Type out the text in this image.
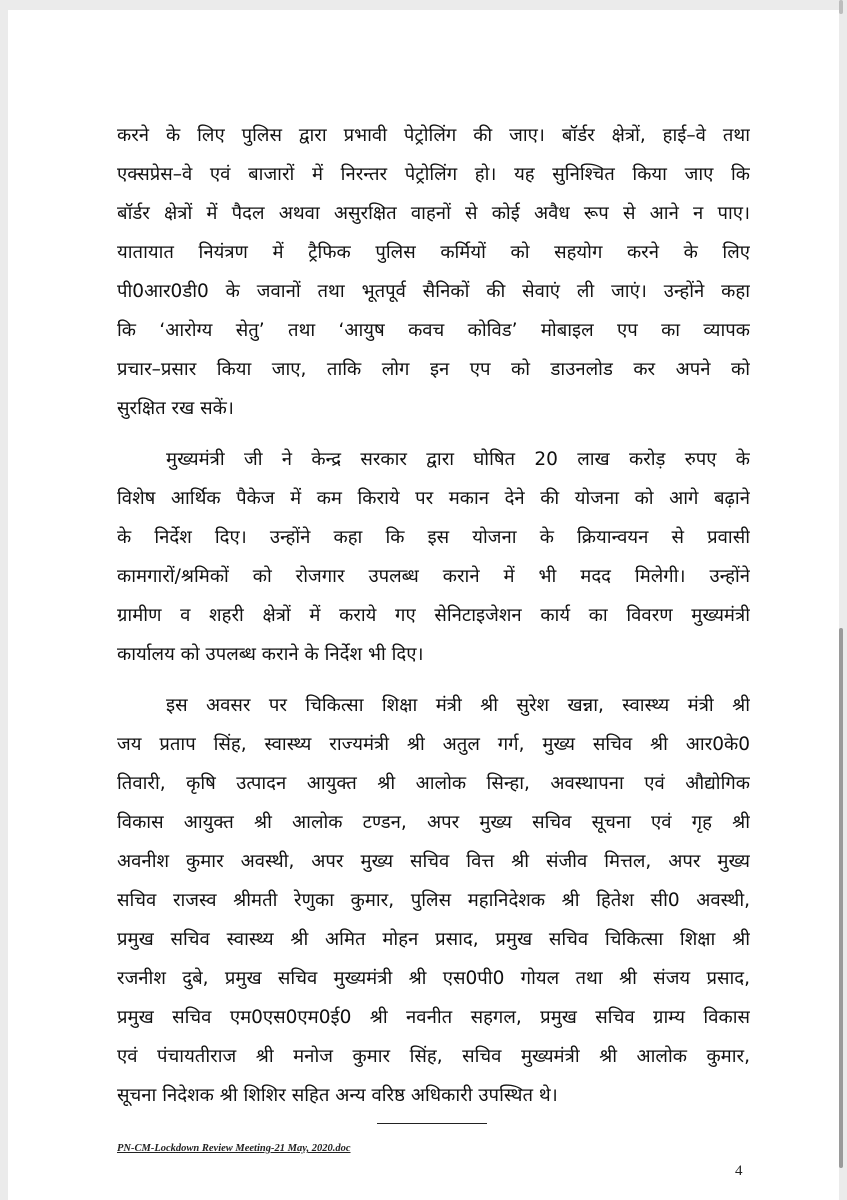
करने के लिए पुलिस द्वारा प्रभावी पेट्रोलिंग की जाए। बॉर्डर क्षेत्रों, हाई–वे तथा

एक्सप्रेस–वे एवं बाजारों में निरन्तर पेट्रोलिंग हो। यह सुनिश्चित किया जाए कि

बॉर्डर क्षेत्रों में पैदल अथवा असुरक्षित वाहनों से कोई अवैध रूप से आने न पाए।

यातायात नियंत्रण में ट्रैफिक पुलिस कर्मियों को सहयोग करने के लिए

पी0आर0डी0 के जवानों तथा भूतपूर्व सैनिकों की सेवाएं ली जाएं। उन्होंने कहा

कि ‘आरोग्य सेतु’ तथा ‘आयुष कवच कोविड’ मोबाइल एप का व्यापक

प्रचार–प्रसार किया जाए, ताकि लोग इन एप को डाउनलोड कर अपने को

सुरक्षित रख सकें।

मुख्यमंत्री जी ने केन्द्र सरकार द्वारा घोषित 20 लाख करोड़ रुपए के

विशेष आर्थिक पैकेज में कम किराये पर मकान देने की योजना को आगे बढ़ाने

के निर्देश दिए। उन्होंने कहा कि इस योजना के क्रियान्वयन से प्रवासी

कामगारों/श्रमिकों को रोजगार उपलब्ध कराने में भी मदद मिलेगी। उन्होंने

ग्रामीण व शहरी क्षेत्रों में कराये गए सेनिटाइजेशन कार्य का विवरण मुख्यमंत्री

कार्यालय को उपलब्ध कराने के निर्देश भी दिए।

इस अवसर पर चिकित्सा शिक्षा मंत्री श्री सुरेश खन्ना, स्वास्थ्य मंत्री श्री

जय प्रताप सिंह, स्वास्थ्य राज्यमंत्री श्री अतुल गर्ग, मुख्य सचिव श्री आर0के0

तिवारी, कृषि उत्पादन आयुक्त श्री आलोक सिन्हा, अवस्थापना एवं औद्योगिक

विकास आयुक्त श्री आलोक टण्डन, अपर मुख्य सचिव सूचना एवं गृह श्री

अवनीश कुमार अवस्थी, अपर मुख्य सचिव वित्त श्री संजीव मित्तल, अपर मुख्य

सचिव राजस्व श्रीमती रेणुका कुमार, पुलिस महानिदेशक श्री हितेश सी0 अवस्थी,

प्रमुख सचिव स्वास्थ्य श्री अमित मोहन प्रसाद, प्रमुख सचिव चिकित्सा शिक्षा श्री

रजनीश दुबे, प्रमुख सचिव मुख्यमंत्री श्री एस0पी0 गोयल तथा श्री संजय प्रसाद,

प्रमुख सचिव एम0एस0एम0ई0 श्री नवनीत सहगल, प्रमुख सचिव ग्राम्य विकास

एवं पंचायतीराज श्री मनोज कुमार सिंह, सचिव मुख्यमंत्री श्री आलोक कुमार,

सूचना निदेशक श्री शिशिर सहित अन्य वरिष्ठ अधिकारी उपस्थित थे।

PN-CM-Lockdown Review Meeting-21 May, 2020.doc
4
